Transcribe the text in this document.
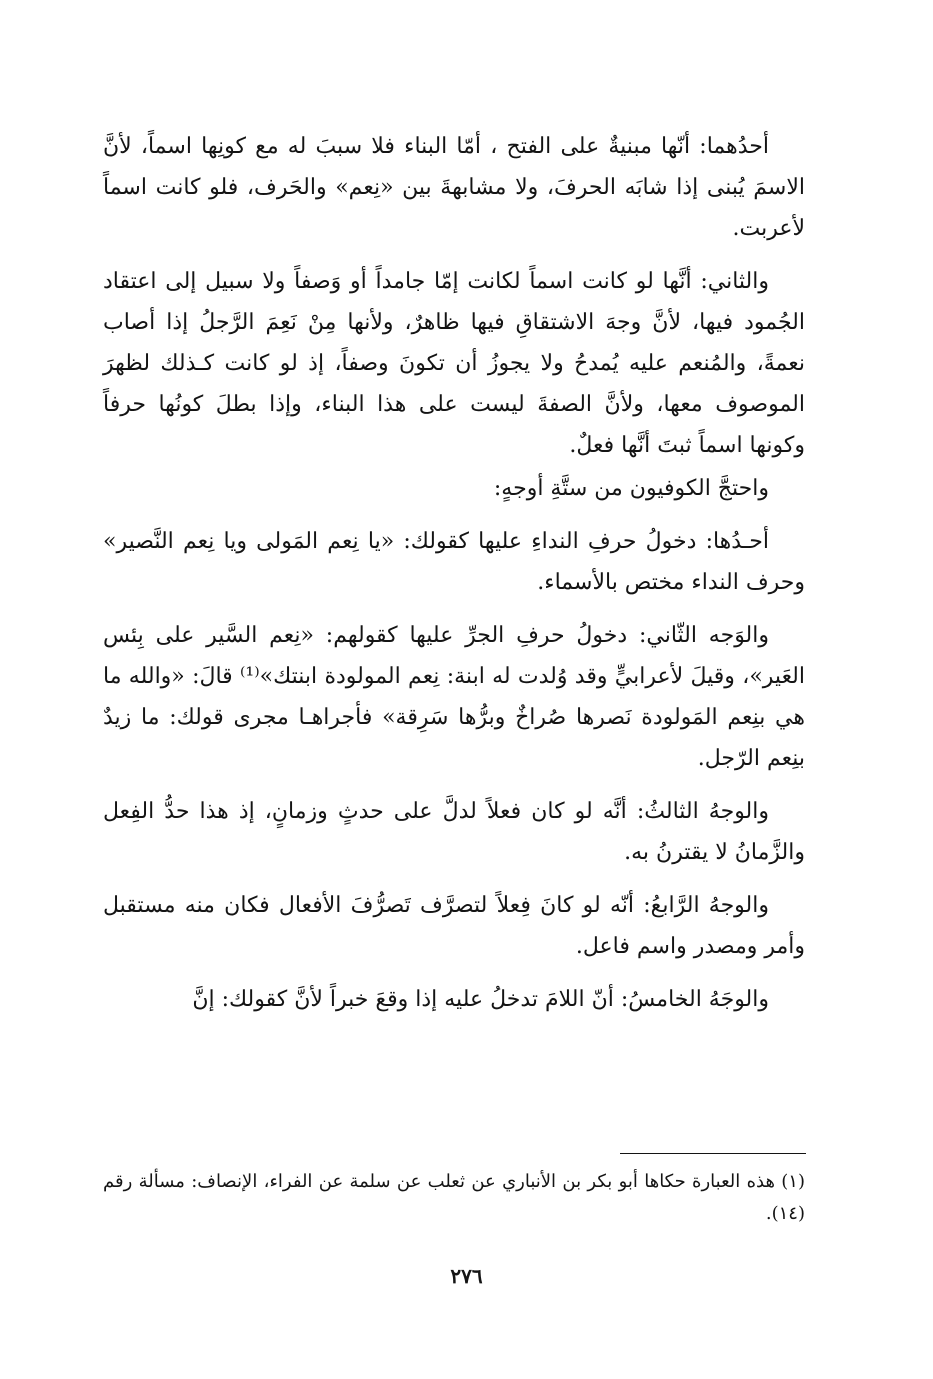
أحدُهما: أنّها مبنيةٌ على الفتح ، أمّا البناء فلا سببَ له مع كونِها اسماً، لأنَّ الاسمَ يُبنى إذا شابَه الحرفَ، ولا مشابهةَ بين «نِعم» والحَرف، فلو كانت اسماً لأعربت.

والثاني: أنَّها لو كانت اسماً لكانت إمّا جامداً أو وَصفاً ولا سبيل إلى اعتقاد الجُمود فيها، لأنَّ وجهَ الاشتقاقِ فيها ظاهرٌ، ولأنها مِنْ نَعِمَ الرَّجلُ إذا أصاب نعمةً، والمُنعم عليه يُمدحُ ولا يجوزُ أن تكونَ وصفاً، إذ لو كانت كـذلك لظهرَ الموصوف معها، ولأنَّ الصفةَ ليست على هذا البناء، وإذا بطلَ كونُها حرفاً وكونها اسماً ثبتَ أنَّها فعلٌ.

واحتجَّ الكوفيون من ستَّةِ أوجهٍ:

أحـدُها: دخولُ حرفِ النداءِ عليها كقولك: «يا نِعم المَولى ويا نِعم النَّصير» وحرف النداء مختص بالأسماء.

والوَجه الثّاني: دخولُ حرفِ الجرِّ عليها كقولهم: «نِعم السَّير على بِئس العَير»، وقيلَ لأعرابيٍّ وقد وُلدت له ابنة: نِعم المولودة ابنتك»⁽¹⁾ قالَ: «والله ما هي بنِعم المَولودة نَصرها صُراخٌ وبرُّها سَرِقة» فأجراهـا مجرى قولك: ما زيدٌ بنِعم الرّجل.

والوجهُ الثالثُ: أنَّه لو كان فعلاً لدلَّ على حدثٍ وزمانٍ، إذ هذا حدُّ الفِعل والزَّمانُ لا يقترنُ به.

والوجهُ الرَّابعُ: أنّه لو كانَ فِعلاً لتصرَّف تَصرُّفَ الأفعال فكان منه مستقبل وأمر ومصدر واسم فاعل.

والوجَهُ الخامسُ: أنّ اللامَ تدخلُ عليه إذا وقعَ خبراً لأنَّ كقولك: إنَّ

(١) هذه العبارة حكاها أبو بكر بن الأنباري عن ثعلب عن سلمة عن الفراء، الإنصاف: مسألة رقم (١٤).

٢٧٦
